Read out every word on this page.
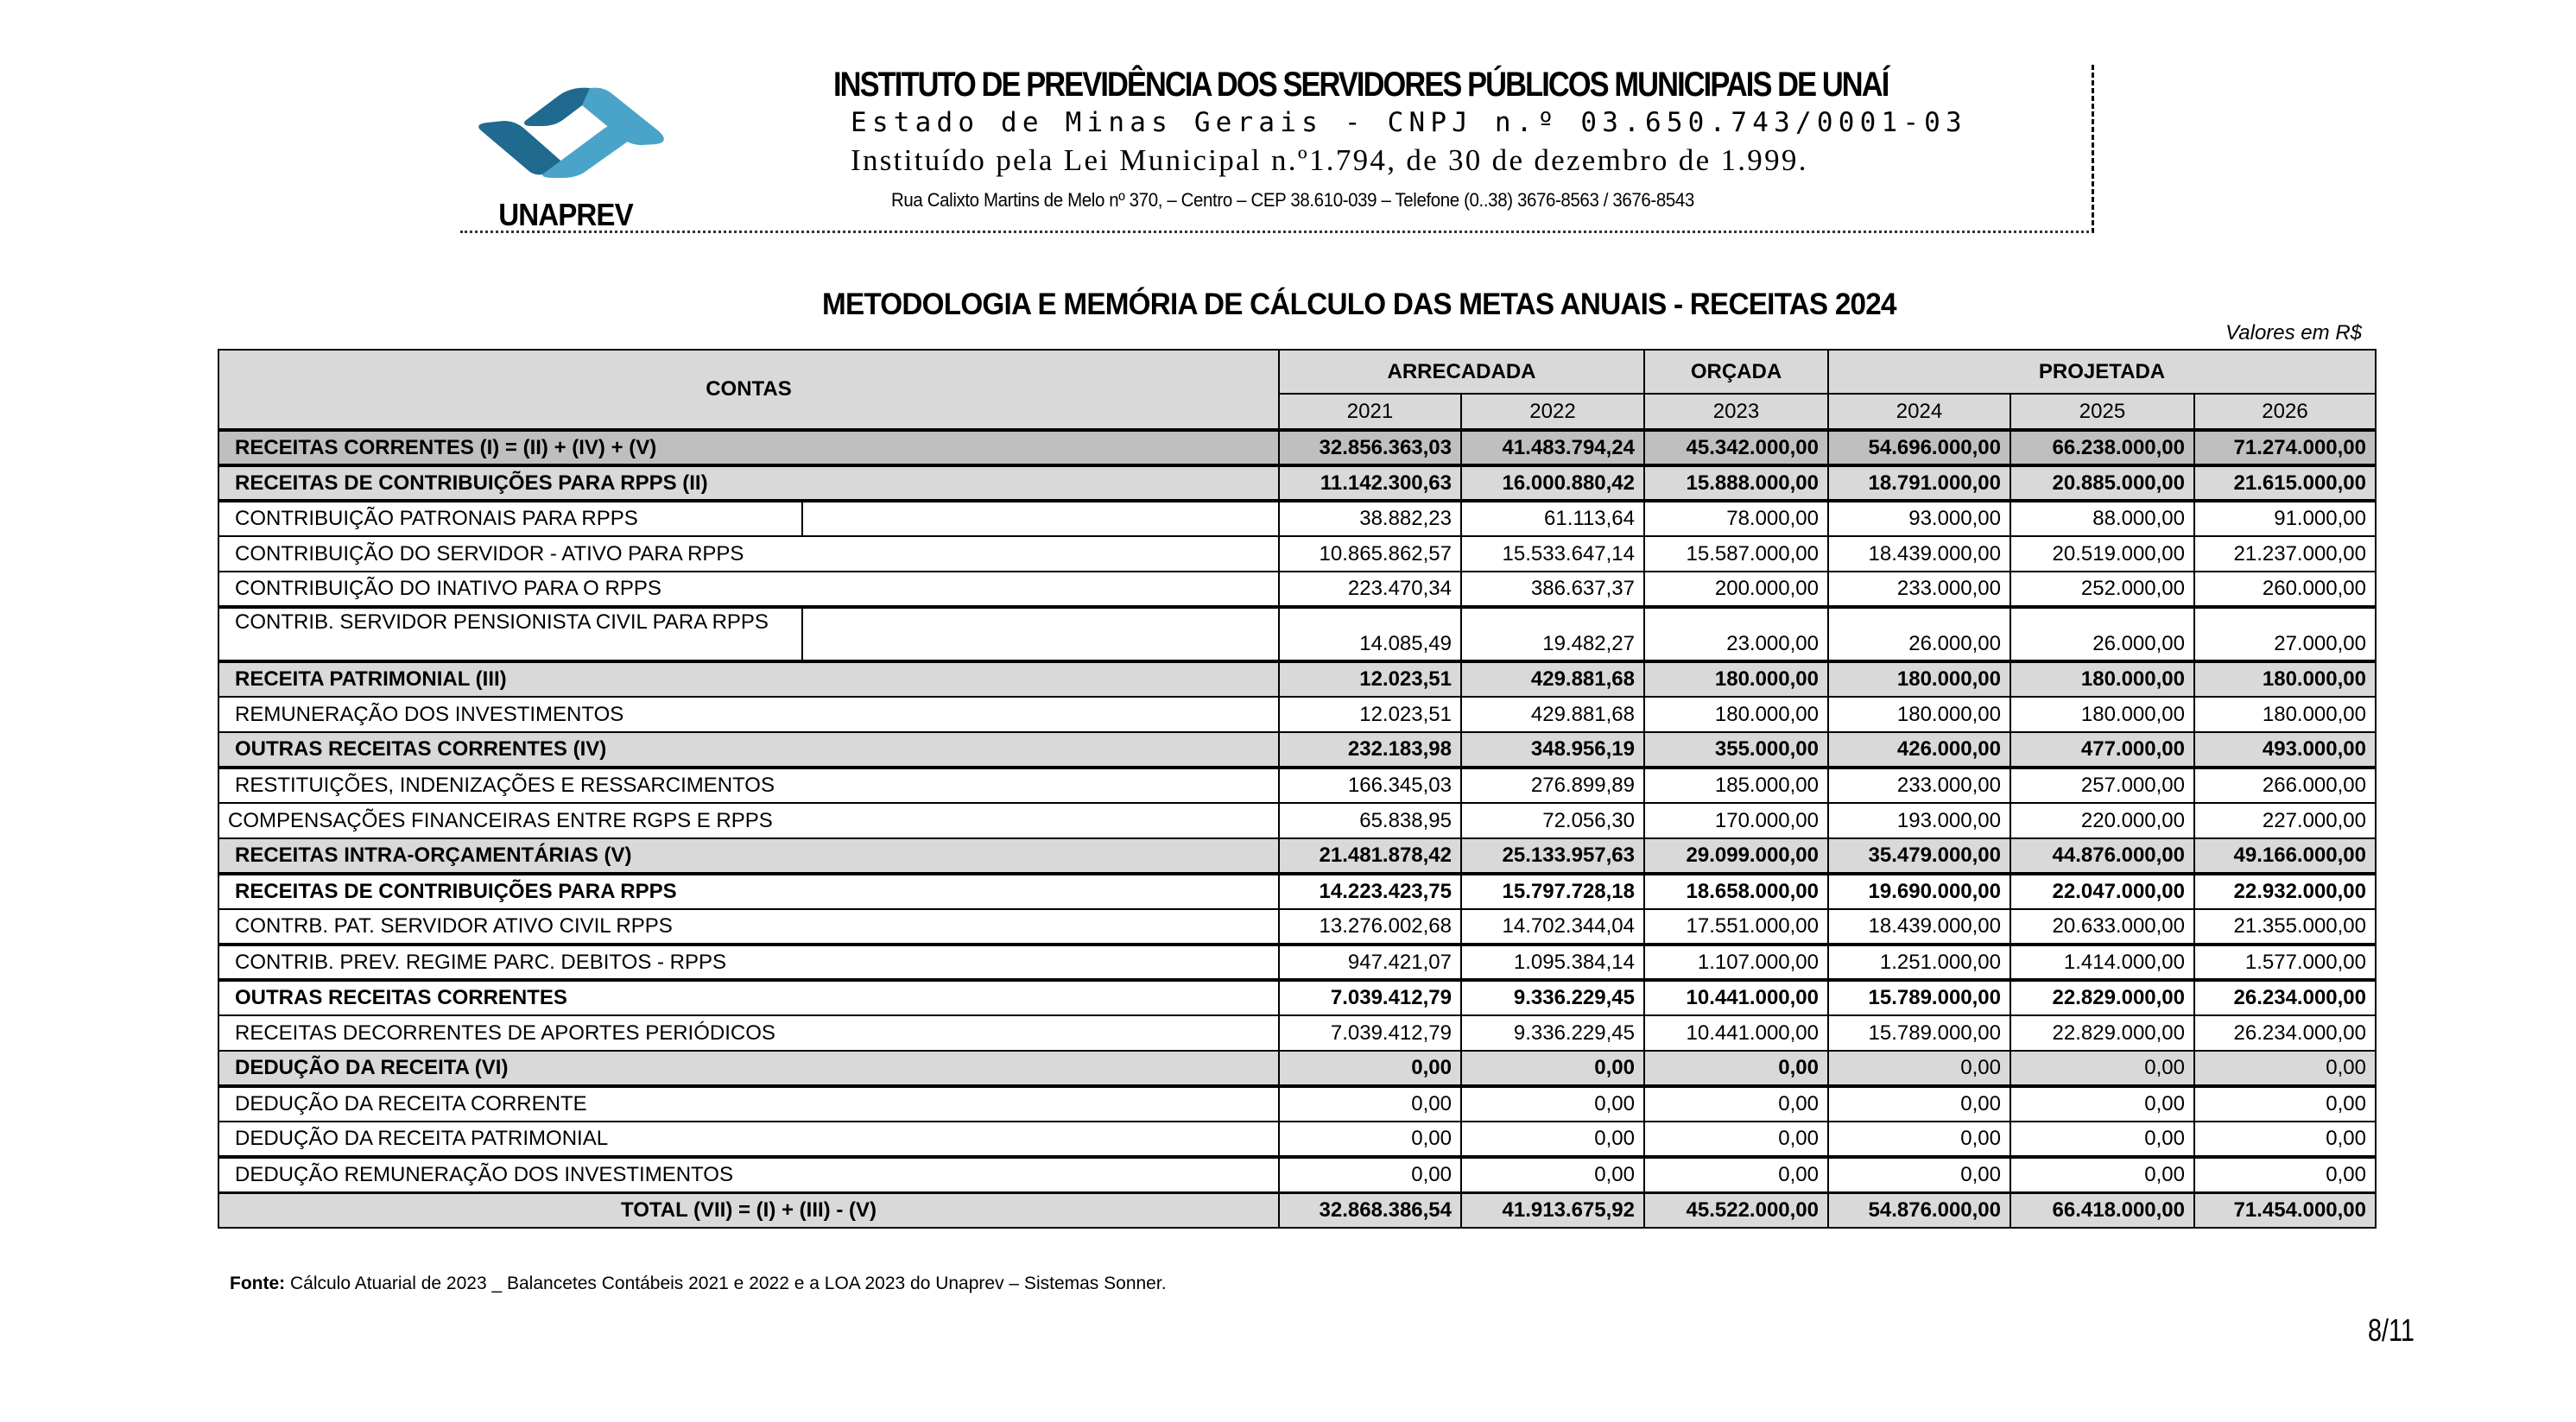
UNAPREV
INSTITUTO DE PREVIDÊNCIA DOS SERVIDORES PÚBLICOS MUNICIPAIS DE UNAÍ
Estado de Minas Gerais - CNPJ n.º 03.650.743/0001-03
Instituído pela Lei Municipal n.º1.794, de 30 de dezembro de 1.999.
Rua Calixto Martins de Melo nº 370, – Centro – CEP 38.610-039 – Telefone (0..38) 3676-8563 / 3676-8543
METODOLOGIA E MEMÓRIA DE CÁLCULO DAS METAS ANUAIS - RECEITAS 2024
Valores em R$
CONTAS		ARRECADADA		ORÇADA	PROJETADA		
		2021	2022	2023	2024	2025	2026
RECEITAS CORRENTES (I) = (II) + (IV) + (V)		32.856.363,03	41.483.794,24	45.342.000,00	54.696.000,00	66.238.000,00	71.274.000,00
RECEITAS DE CONTRIBUIÇÕES PARA RPPS (II)		11.142.300,63	16.000.880,42	15.888.000,00	18.791.000,00	20.885.000,00	21.615.000,00
CONTRIBUIÇÃO PATRONAIS PARA RPPS		38.882,23	61.113,64	78.000,00	93.000,00	88.000,00	91.000,00
CONTRIBUIÇÃO DO SERVIDOR - ATIVO PARA RPPS		10.865.862,57	15.533.647,14	15.587.000,00	18.439.000,00	20.519.000,00	21.237.000,00
CONTRIBUIÇÃO DO INATIVO PARA O RPPS		223.470,34	386.637,37	200.000,00	233.000,00	252.000,00	260.000,00
CONTRIB. SERVIDOR PENSIONISTA CIVIL PARA RPPS		14.085,49	19.482,27	23.000,00	26.000,00	26.000,00	27.000,00
RECEITA PATRIMONIAL (III)		12.023,51	429.881,68	180.000,00	180.000,00	180.000,00	180.000,00
REMUNERAÇÃO DOS INVESTIMENTOS		12.023,51	429.881,68	180.000,00	180.000,00	180.000,00	180.000,00
OUTRAS RECEITAS CORRENTES (IV)		232.183,98	348.956,19	355.000,00	426.000,00	477.000,00	493.000,00
RESTITUIÇÕES, INDENIZAÇÕES E RESSARCIMENTOS		166.345,03	276.899,89	185.000,00	233.000,00	257.000,00	266.000,00
COMPENSAÇÕES FINANCEIRAS ENTRE RGPS E RPPS		65.838,95	72.056,30	170.000,00	193.000,00	220.000,00	227.000,00
RECEITAS INTRA-ORÇAMENTÁRIAS (V)		21.481.878,42	25.133.957,63	29.099.000,00	35.479.000,00	44.876.000,00	49.166.000,00
RECEITAS DE CONTRIBUIÇÕES PARA RPPS		14.223.423,75	15.797.728,18	18.658.000,00	19.690.000,00	22.047.000,00	22.932.000,00
CONTRB. PAT. SERVIDOR ATIVO CIVIL RPPS		13.276.002,68	14.702.344,04	17.551.000,00	18.439.000,00	20.633.000,00	21.355.000,00
CONTRIB. PREV. REGIME PARC. DEBITOS - RPPS		947.421,07	1.095.384,14	1.107.000,00	1.251.000,00	1.414.000,00	1.577.000,00
OUTRAS RECEITAS CORRENTES		7.039.412,79	9.336.229,45	10.441.000,00	15.789.000,00	22.829.000,00	26.234.000,00
RECEITAS DECORRENTES DE APORTES PERIÓDICOS		7.039.412,79	9.336.229,45	10.441.000,00	15.789.000,00	22.829.000,00	26.234.000,00
DEDUÇÃO DA RECEITA (VI)		0,00	0,00	0,00	0,00	0,00	0,00
DEDUÇÃO DA RECEITA CORRENTE		0,00	0,00	0,00	0,00	0,00	0,00
DEDUÇÃO DA RECEITA PATRIMONIAL		0,00	0,00	0,00	0,00	0,00	0,00
DEDUÇÃO REMUNERAÇÃO DOS INVESTIMENTOS		0,00	0,00	0,00	0,00	0,00	0,00
TOTAL (VII) = (I) + (III) - (V)		32.868.386,54	41.913.675,92	45.522.000,00	54.876.000,00	66.418.000,00	71.454.000,00
Fonte: Cálculo Atuarial de 2023 _ Balancetes Contábeis 2021 e 2022 e a LOA 2023 do Unaprev – Sistemas Sonner.
8/11
